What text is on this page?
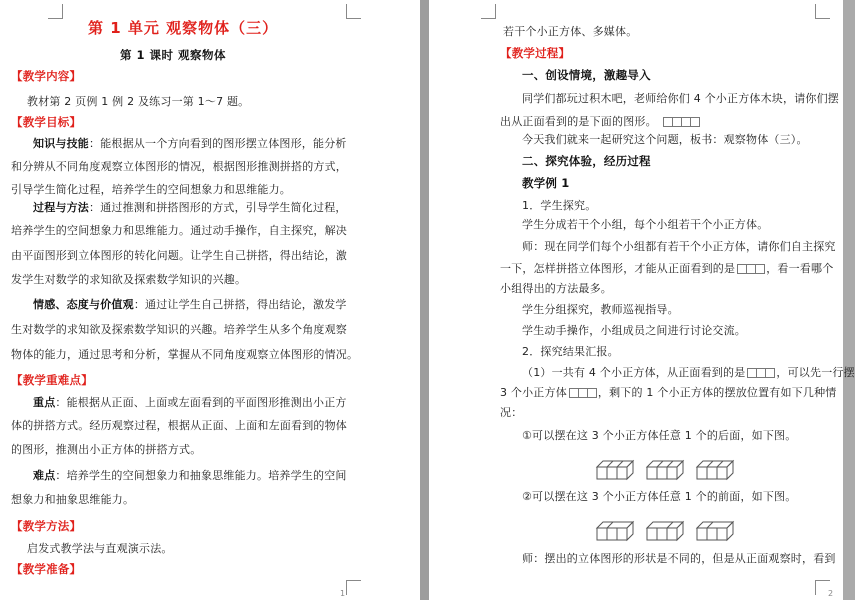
第 1 单元 观察物体（三）
第 1 课时 观察物体
【教学内容】
教材第 2 页例 1 例 2 及练习一第 1～7 题。
【教学目标】
知识与技能：能根据从一个方向看到的图形摆立体图形，能分析
和分辨从不同角度观察立体图形的情况，根据图形推测拼搭的方式，
引导学生简化过程，培养学生的空间想象力和思维能力。
过程与方法：通过推测和拼搭图形的方式，引导学生简化过程，
培养学生的空间想象力和思维能力。通过动手操作，自主探究，解决
由平面图形到立体图形的转化问题。让学生自己拼搭，得出结论，激
发学生对数学的求知欲及探索数学知识的兴趣。
情感、态度与价值观：通过让学生自己拼搭，得出结论，激发学
生对数学的求知欲及探索数学知识的兴趣。培养学生从多个角度观察
物体的能力，通过思考和分析，掌握从不同角度观察立体图形的情况。
【教学重难点】
重点：能根据从正面、上面或左面看到的平面图形推测出小正方
体的拼搭方式。经历观察过程，根据从正面、上面和左面看到的物体
的图形，推测出小正方体的拼搭方式。
难点：培养学生的空间想象力和抽象思维能力。培养学生的空间
想象力和抽象思维能力。
【教学方法】
启发式教学法与直观演示法。
【教学准备】
1
若干个小正方体、多媒体。
【教学过程】
一、创设情境，激趣导入
同学们都玩过积木吧，老师给你们 4 个小正方体木块，请你们摆
出从正面看到的是下面的图形。
今天我们就来一起研究这个问题，板书：观察物体（三）。
二、探究体验，经历过程
教学例 1
1．学生探究。
学生分成若干个小组，每个小组若干个小正方体。
师：现在同学们每个小组都有若干个小正方体，请你们自主探究
一下，怎样拼搭立体图形，才能从正面看到的是	，看一看哪个
小组得出的方法最多。
学生分组探究，教师巡视指导。
学生动手操作，小组成员之间进行讨论交流。
2．探究结果汇报。
（1）一共有 4 个小正方体，从正面看到的是	，可以先一行摆
3 个小正方体	，剩下的 1 个小正方体的摆放位置有如下几种情
况：
①可以摆在这 3 个小正方体任意 1 个的后面，如下图。
②可以摆在这 3 个小正方体任意 1 个的前面，如下图。
师：摆出的立体图形的形状是不同的，但是从正面观察时，看到
2
